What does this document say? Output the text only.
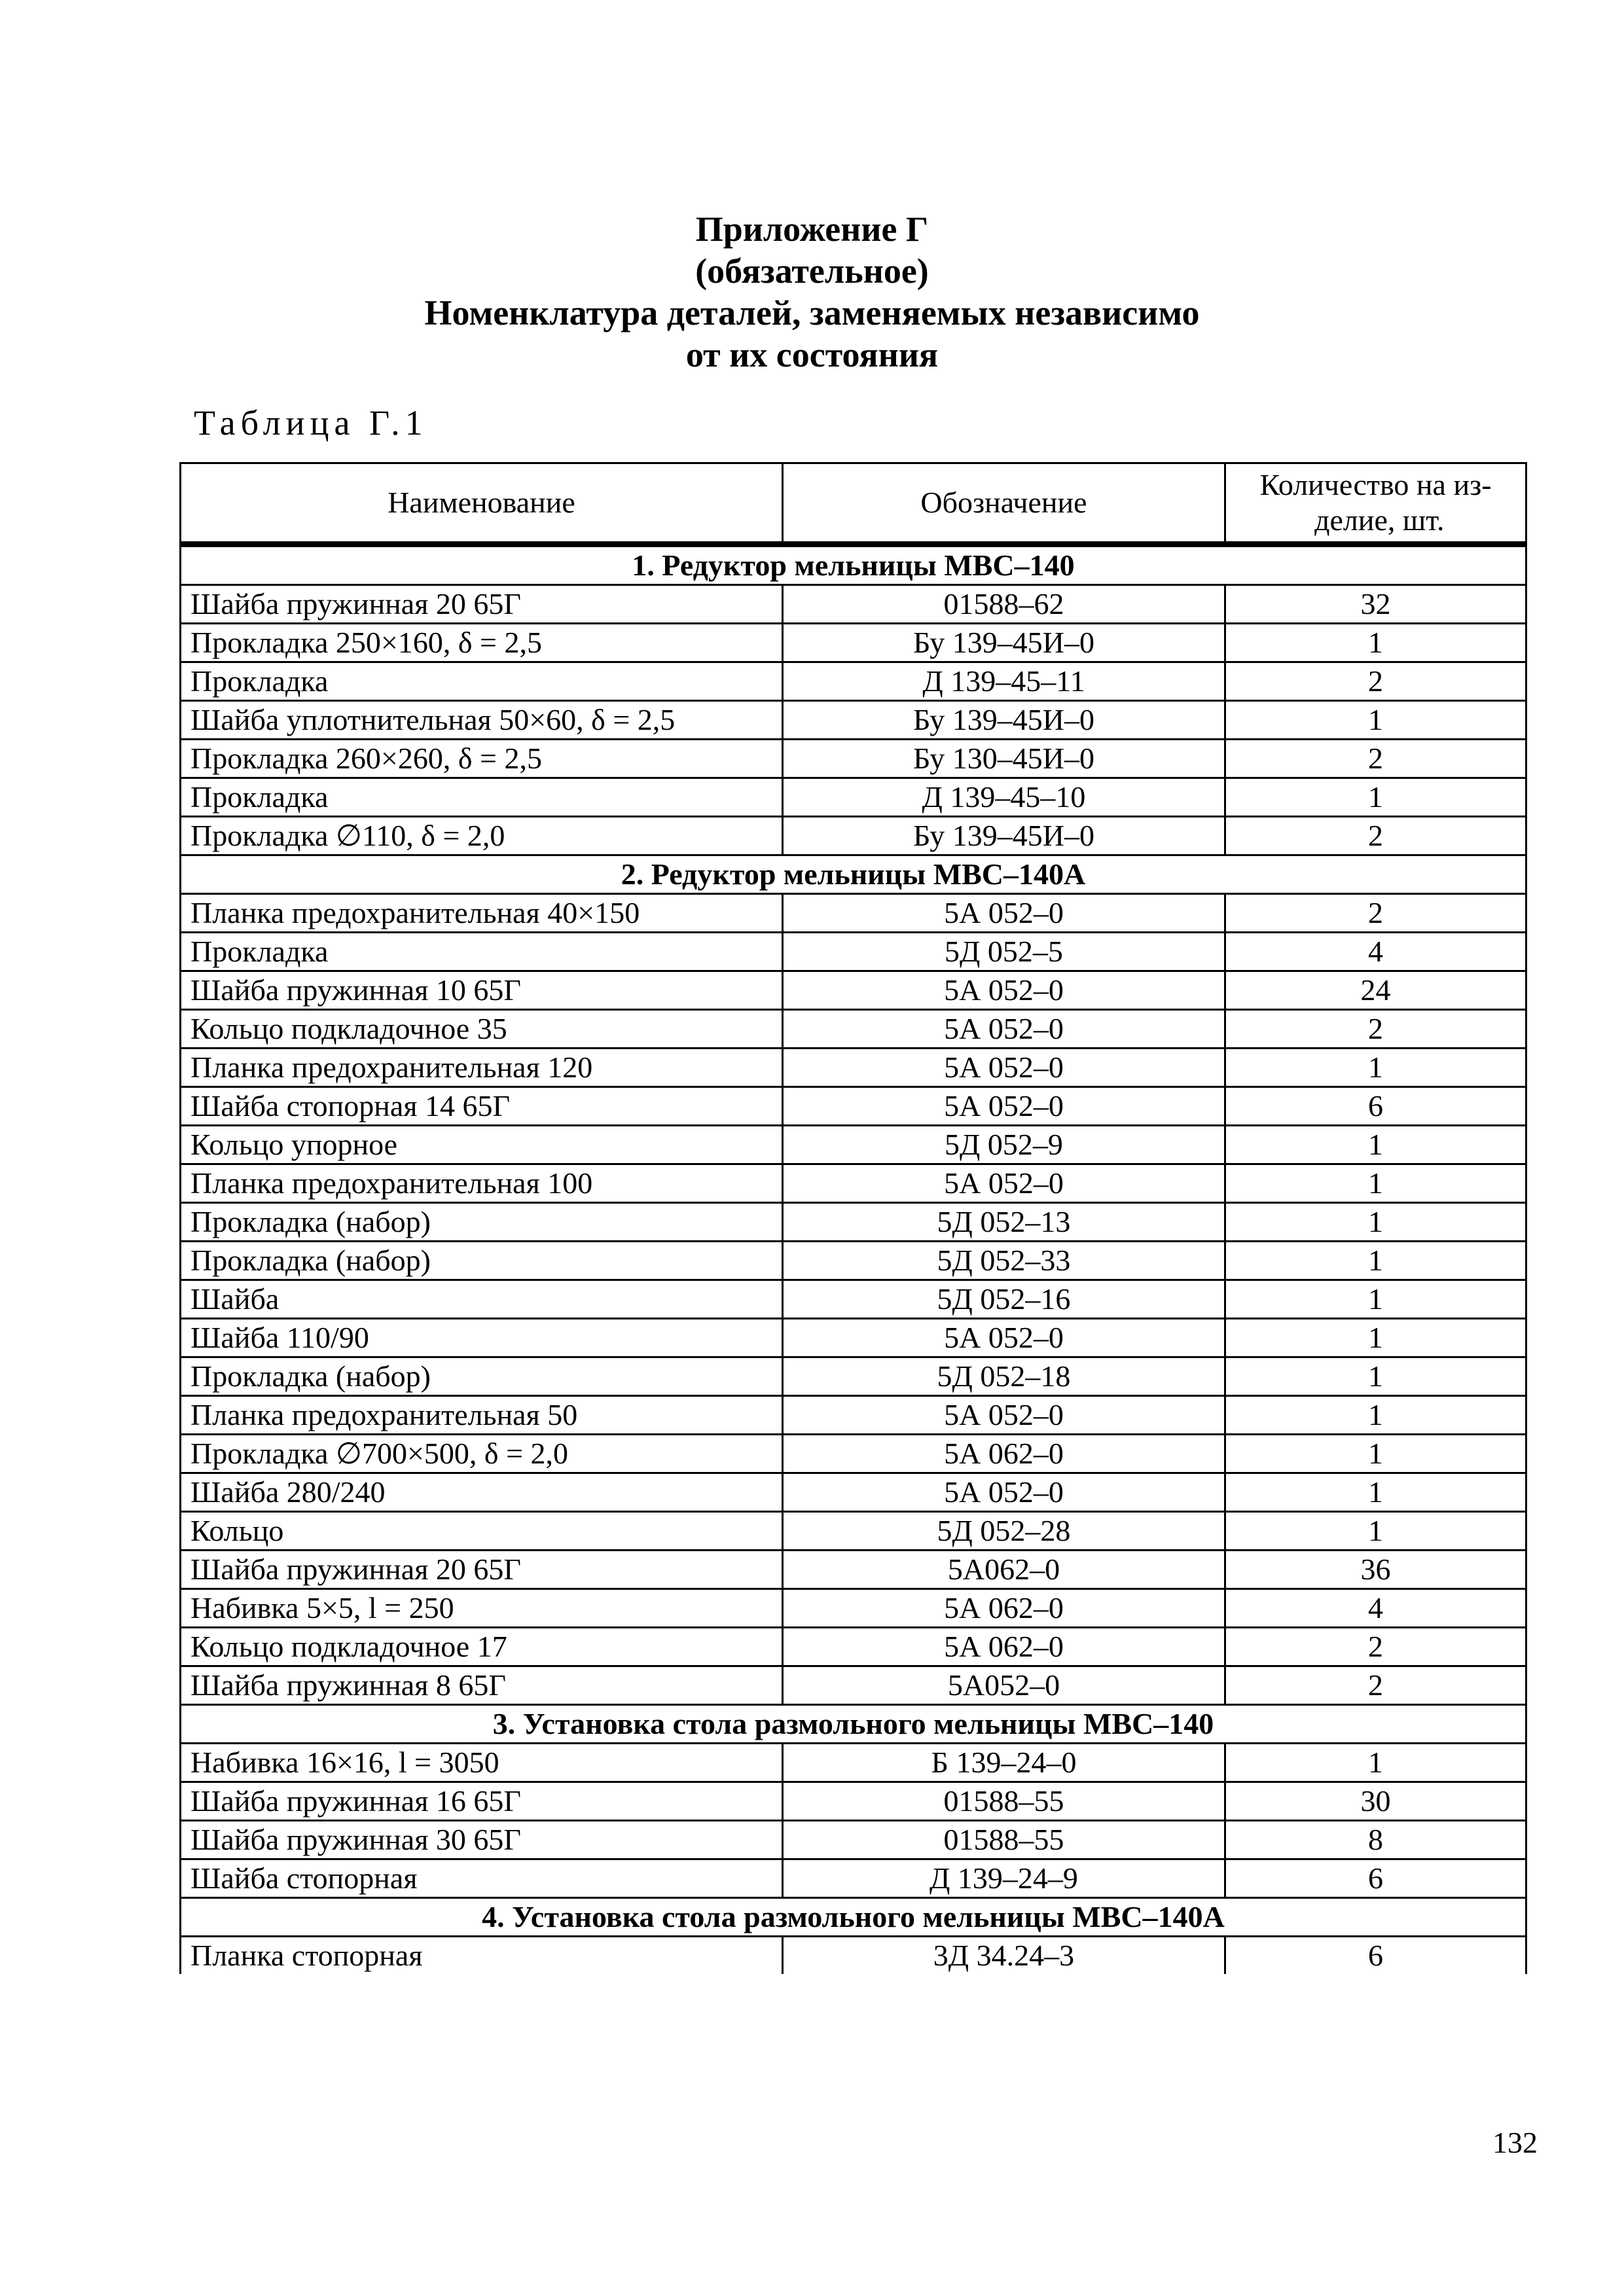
Приложение Г
(обязательное)
Номенклатура деталей, заменяемых независимо
от их состояния
Таблица Г.1
Наименование	Обозначение	Количество на из- делие, шт.
1. Редуктор мельницы МВС–140		
Шайба пружинная 20 65Г	01588–62	32
Прокладка 250×160, δ = 2,5	Бу 139–45И–0	1
Прокладка	Д 139–45–11	2
Шайба уплотнительная 50×60, δ = 2,5	Бу 139–45И–0	1
Прокладка 260×260, δ = 2,5	Бу 130–45И–0	2
Прокладка	Д 139–45–10	1
Прокладка ∅110, δ = 2,0	Бу 139–45И–0	2
2. Редуктор мельницы МВС–140А		
Планка предохранительная 40×150	5А 052–0	2
Прокладка	5Д 052–5	4
Шайба пружинная 10 65Г	5А 052–0	24
Кольцо подкладочное 35	5А 052–0	2
Планка предохранительная 120	5А 052–0	1
Шайба стопорная 14 65Г	5А 052–0	6
Кольцо упорное	5Д 052–9	1
Планка предохранительная 100	5А 052–0	1
Прокладка (набор)	5Д 052–13	1
Прокладка (набор)	5Д 052–33	1
Шайба	5Д 052–16	1
Шайба 110/90	5А 052–0	1
Прокладка (набор)	5Д 052–18	1
Планка предохранительная 50	5А 052–0	1
Прокладка ∅700×500, δ = 2,0	5А 062–0	1
Шайба 280/240	5А 052–0	1
Кольцо	5Д 052–28	1
Шайба пружинная 20 65Г	5А062–0	36
Набивка 5×5, l = 250	5А 062–0	4
Кольцо подкладочное 17	5А 062–0	2
Шайба пружинная 8 65Г	5А052–0	2
3. Установка стола размольного мельницы МВС–140		
Набивка 16×16, l = 3050	Б 139–24–0	1
Шайба пружинная 16 65Г	01588–55	30
Шайба пружинная 30 65Г	01588–55	8
Шайба стопорная	Д 139–24–9	6
4. Установка стола размольного мельницы МВС–140А		
Планка стопорная	3Д 34.24–3	6
132
